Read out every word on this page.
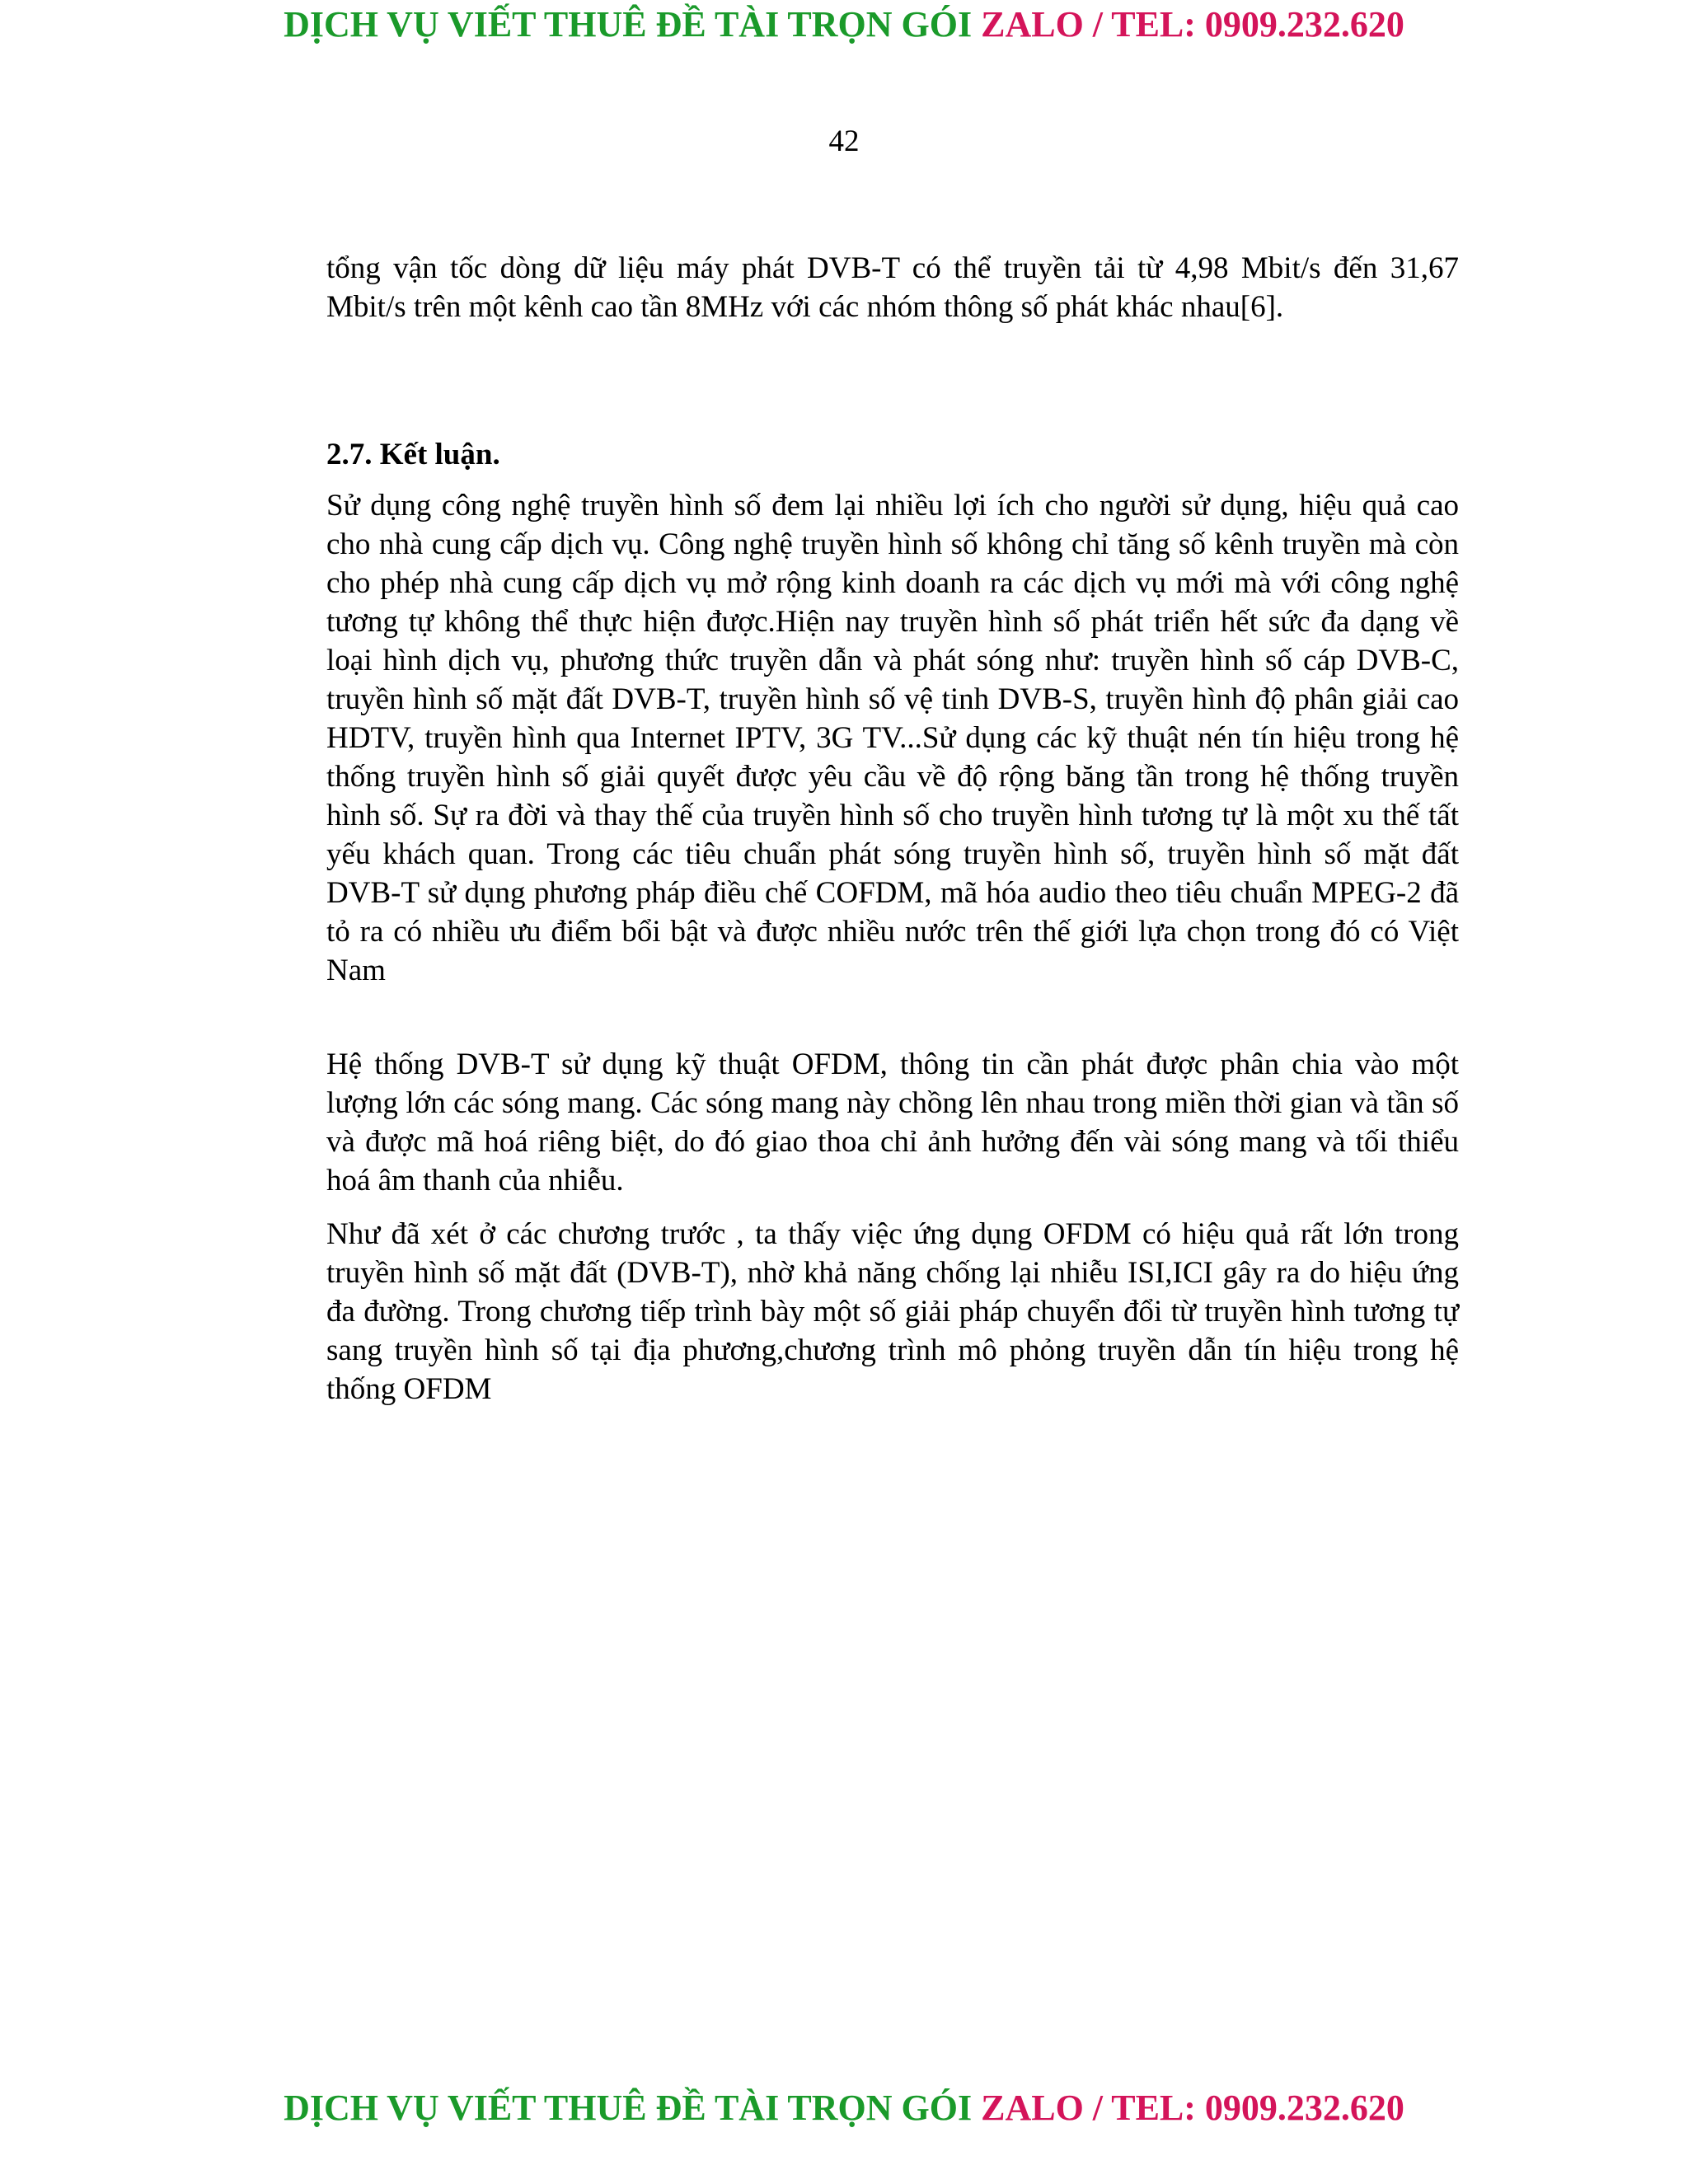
DỊCH VỤ VIẾT THUÊ ĐỀ TÀI TRỌN GÓI ZALO / TEL: 0909.232.620
42

tổng vận tốc dòng dữ liệu máy phát DVB-T có thể truyền tải từ 4,98 Mbit/s đến 31,67 Mbit/s trên một kênh cao tần 8MHz với các nhóm thông số phát khác nhau[6].

2.7. Kết luận.

Sử dụng công nghệ truyền hình số đem lại nhiều lợi ích cho người sử dụng, hiệu quả cao cho nhà cung cấp dịch vụ. Công nghệ truyền hình số không chỉ tăng số kênh truyền mà còn cho phép nhà cung cấp dịch vụ mở rộng kinh doanh ra các dịch vụ mới mà với công nghệ tương tự không thể thực hiện được.Hiện nay truyền hình số phát triển hết sức đa dạng về loại hình dịch vụ, phương thức truyền dẫn và phát sóng như: truyền hình số cáp DVB-C, truyền hình số mặt đất DVB-T, truyền hình số vệ tinh DVB-S, truyền hình độ phân giải cao HDTV, truyền hình qua Internet IPTV, 3G TV...Sử dụng các kỹ thuật nén tín hiệu trong hệ thống truyền hình số giải quyết được yêu cầu về độ rộng băng tần trong hệ thống truyền hình số. Sự ra đời và thay thế của truyền hình số cho truyền hình tương tự là một xu thế tất yếu khách quan. Trong các tiêu chuẩn phát sóng truyền hình số, truyền hình số mặt đất DVB-T sử dụng phương pháp điều chế COFDM, mã hóa audio theo tiêu chuẩn MPEG-2 đã tỏ ra có nhiều ưu điểm bổi bật và được nhiều nước trên thế giới lựa chọn trong đó có Việt Nam

Hệ thống DVB-T sử dụng kỹ thuật OFDM, thông tin cần phát được phân chia vào một lượng lớn các sóng mang. Các sóng mang này chồng lên nhau trong miền thời gian và tần số và được mã hoá riêng biệt, do đó giao thoa chỉ ảnh hưởng đến vài sóng mang và tối thiểu hoá âm thanh của nhiễu.

Như đã xét ở các chương trước , ta thấy việc ứng dụng OFDM có hiệu quả rất lớn trong truyền hình số mặt đất (DVB-T), nhờ khả năng chống lại nhiễu ISI,ICI gây ra do hiệu ứng đa đường. Trong chương tiếp trình bày một số giải pháp chuyển đổi từ truyền hình tương tự sang truyền hình số tại địa phương,chương trình mô phỏng truyền dẫn tín hiệu trong hệ thống OFDM

DỊCH VỤ VIẾT THUÊ ĐỀ TÀI TRỌN GÓI ZALO / TEL: 0909.232.620
